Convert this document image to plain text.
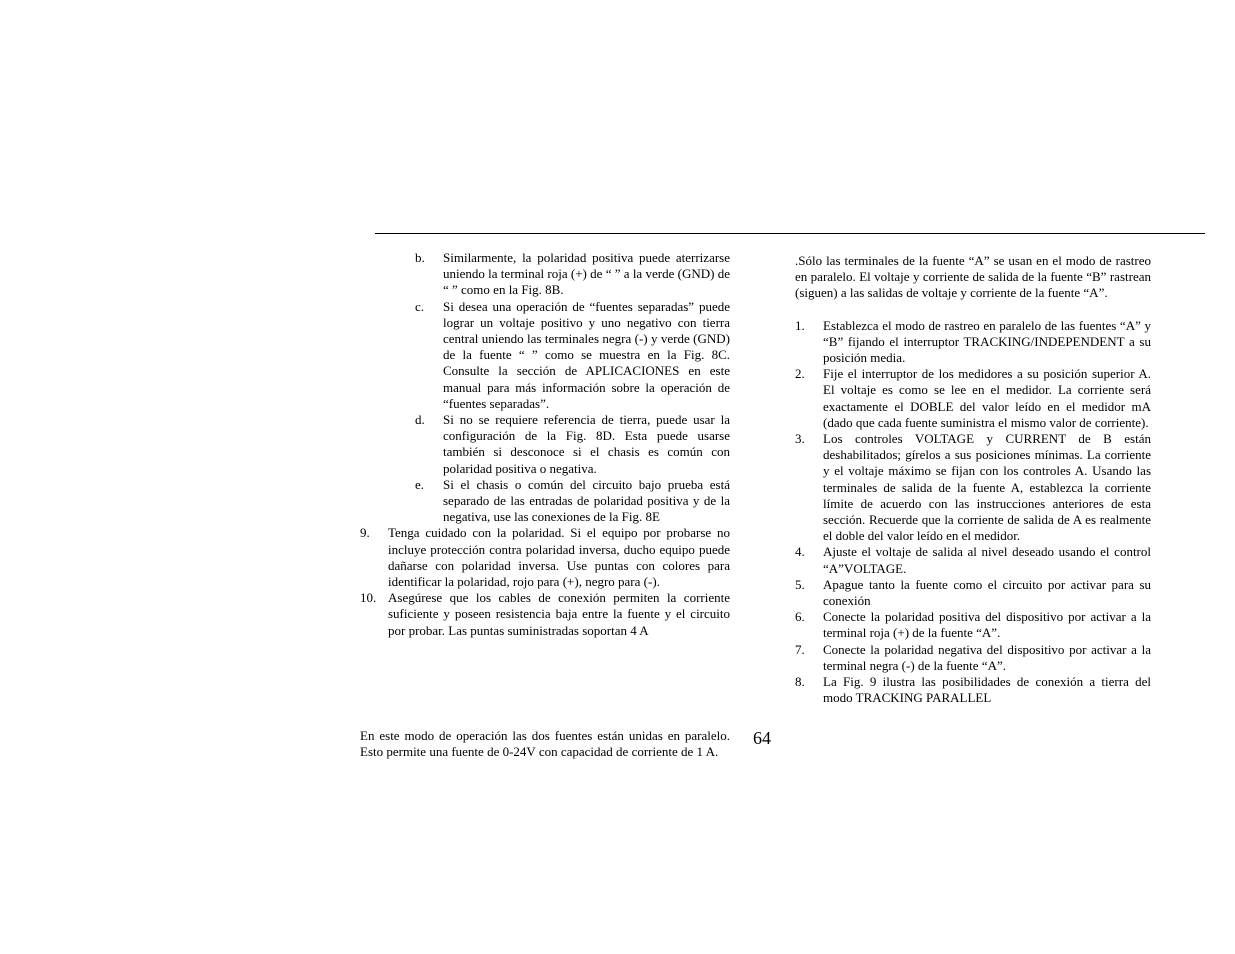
b.	Similarmente, la polaridad positiva puede aterrizarse uniendo la terminal roja (+) de “ ” a la verde (GND) de “ ” como en la Fig. 8B.
c.	Si desea una operación de “fuentes separadas” puede lograr un voltaje positivo y uno negativo con tierra central uniendo las terminales negra (-) y verde (GND) de la fuente “ ” como se muestra en la Fig. 8C. Consulte la sección de APLICACIONES en este manual para más información sobre la operación de “fuentes separadas”.
d.	Si no se requiere referencia de tierra, puede usar la configuración de la Fig. 8D. Esta puede usarse también si desconoce si el chasis es común con polaridad positiva o negativa.
e.	Si el chasis o común del circuito bajo prueba está separado de las entradas de polaridad positiva y de la negativa, use las conexiones de la Fig. 8E
9.	Tenga cuidado con la polaridad. Si el equipo por probarse no incluye protección contra polaridad inversa, ducho equipo puede dañarse con polaridad inversa. Use puntas con colores para identificar la polaridad, rojo para (+), negro para (-).
10. Asegúrese que los cables de conexión permiten la corriente suficiente y poseen resistencia baja entre la fuente y el circuito por probar. Las puntas suministradas soportan 4 A

En este modo de operación las dos fuentes están unidas en paralelo. Esto permite una fuente de 0-24V con capacidad de corriente de 1 A.

64

.Sólo las terminales de la fuente “A” se usan en el modo de rastreo en paralelo. El voltaje y corriente de salida de la fuente “B” rastrean (siguen) a las salidas de voltaje y corriente de la fuente “A”.

1.	Establezca el modo de rastreo en paralelo de las fuentes “A” y “B” fijando el interruptor TRACKING/INDEPENDENT a su posición media.
2.	Fije el interruptor de los medidores a su posición superior A. El voltaje es como se lee en el medidor. La corriente será exactamente el DOBLE del valor leído en el medidor mA (dado que cada fuente suministra el mismo valor de corriente).
3.	Los controles VOLTAGE y CURRENT de B están deshabilitados; gírelos a sus posiciones mínimas. La corriente y el voltaje máximo se fijan con los controles A. Usando las terminales de salida de la fuente A, establezca la corriente límite de acuerdo con las instrucciones anteriores de esta sección. Recuerde que la corriente de salida de A es realmente el doble del valor leído en el medidor.
4.	Ajuste el voltaje de salida al nivel deseado usando el control “A”VOLTAGE.
5.	Apague tanto la fuente como el circuito por activar para su conexión
6.	Conecte la polaridad positiva del dispositivo por activar a la terminal roja (+) de la fuente “A”.
7.	Conecte la polaridad negativa del dispositivo por activar a la terminal negra (-) de la fuente “A”.
8.	La Fig. 9 ilustra las posibilidades de conexión a tierra del modo TRACKING PARALLEL
